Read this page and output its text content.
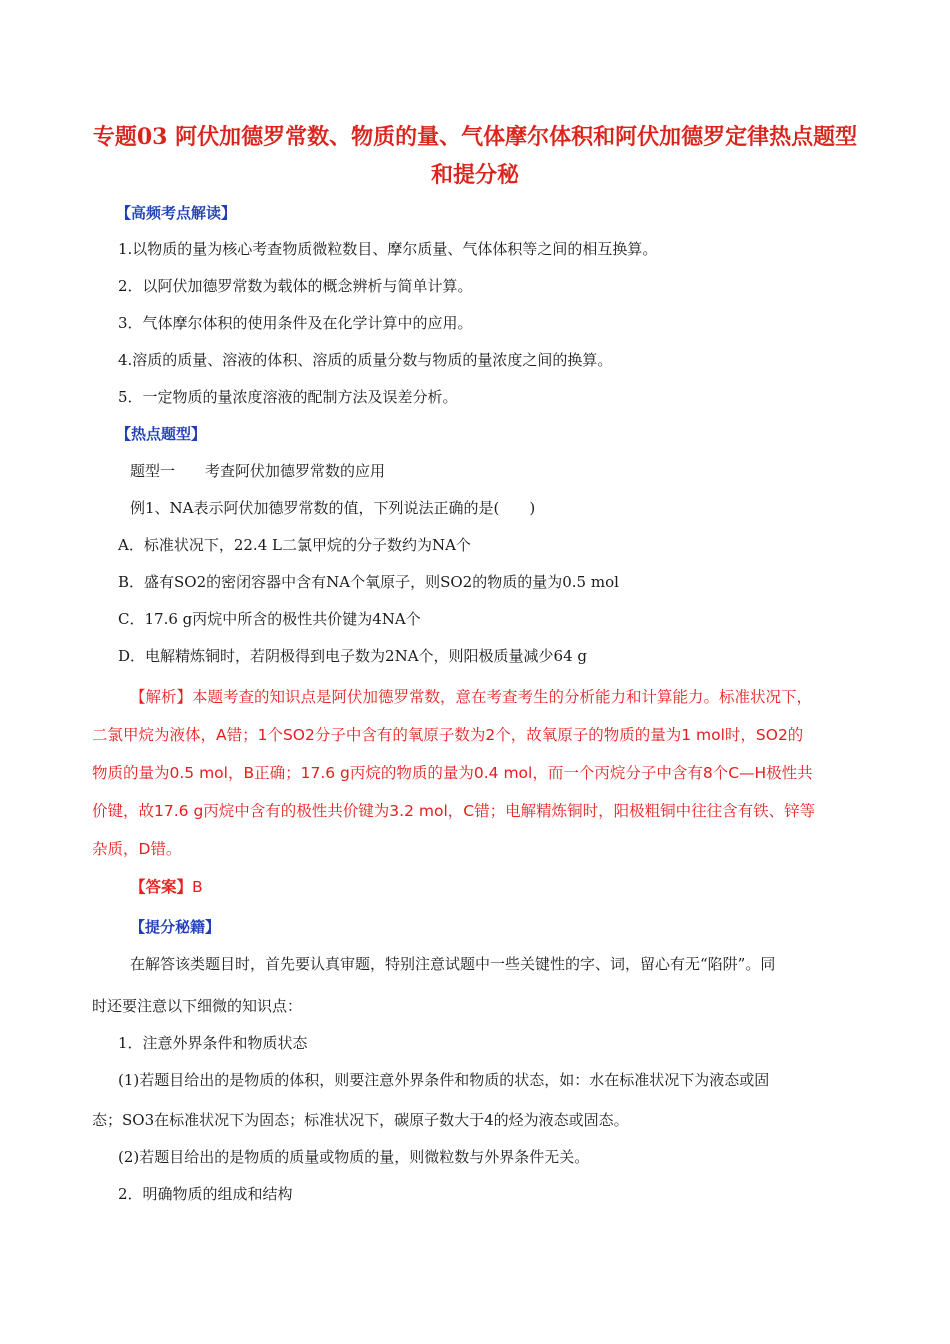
专题03 阿伏加德罗常数、物质的量、气体摩尔体积和阿伏加德罗定律热点题型
和提分秘
【高频考点解读】
1.以物质的量为核心考查物质微粒数目、摩尔质量、气体体积等之间的相互换算。
2．以阿伏加德罗常数为载体的概念辨析与简单计算。
3．气体摩尔体积的使用条件及在化学计算中的应用。
4.溶质的质量、溶液的体积、溶质的质量分数与物质的量浓度之间的换算。
5．一定物质的量浓度溶液的配制方法及误差分析。
【热点题型】
题型一　　考查阿伏加德罗常数的应用
例1、NA表示阿伏加德罗常数的值，下列说法正确的是(　　)
A．标准状况下，22.4 L二氯甲烷的分子数约为NA个
B．盛有SO2的密闭容器中含有NA个氧原子，则SO2的物质的量为0.5 mol
C．17.6 g丙烷中所含的极性共价键为4NA个
D．电解精炼铜时，若阴极得到电子数为2NA个，则阳极质量减少64 g
【解析】本题考查的知识点是阿伏加德罗常数，意在考查考生的分析能力和计算能力。标准状况下，
二氯甲烷为液体，A错；1个SO2分子中含有的氧原子数为2个，故氧原子的物质的量为1 mol时，SO2的
物质的量为0.5 mol，B正确；17.6 g丙烷的物质的量为0.4 mol，而一个丙烷分子中含有8个C—H极性共
价键，故17.6 g丙烷中含有的极性共价键为3.2 mol，C错；电解精炼铜时，阳极粗铜中往往含有铁、锌等
杂质，D错。
【答案】B
【提分秘籍】
在解答该类题目时，首先要认真审题，特别注意试题中一些关键性的字、词，留心有无“陷阱”。同
时还要注意以下细微的知识点：
1．注意外界条件和物质状态
(1)若题目给出的是物质的体积，则要注意外界条件和物质的状态，如：水在标准状况下为液态或固
态；SO3在标准状况下为固态；标准状况下，碳原子数大于4的烃为液态或固态。
(2)若题目给出的是物质的质量或物质的量，则微粒数与外界条件无关。
2．明确物质的组成和结构
